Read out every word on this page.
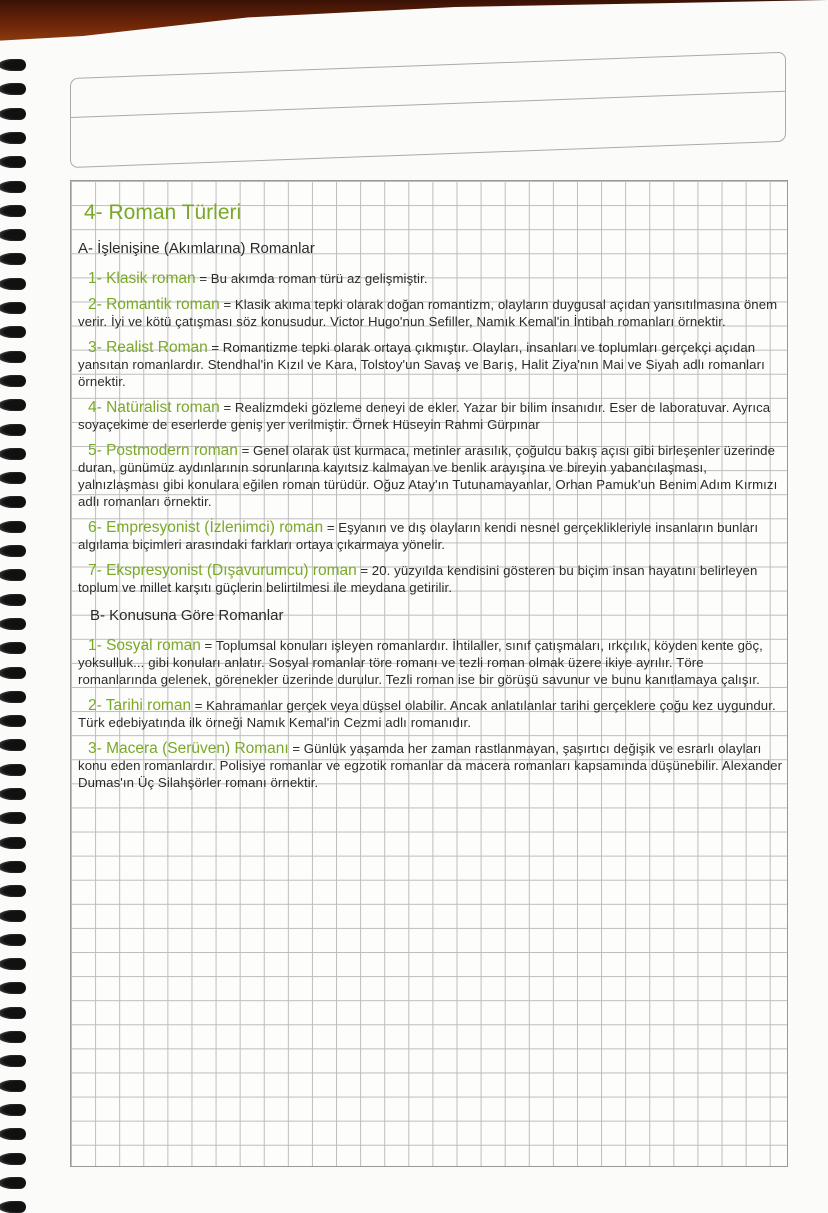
4- Roman Türleri
A- İşlenişine (Akımlarına) Romanlar
1- Klasik roman = Bu akımda roman türü az gelişmiştir.
2- Romantik roman = Klasik akıma tepki olarak doğan romantizm, olayların duygusal açıdan yansıtılmasına önem verir. İyi ve kötü çatışması söz konusudur. Victor Hugo'nun Sefiller, Namık Kemal'in İntibah romanları örnektir.
3- Realist Roman = Romantizme tepki olarak ortaya çıkmıştır. Olayları, insanları ve toplumları gerçekçi açıdan yansıtan romanlardır. Stendhal'in Kızıl ve Kara, Tolstoy'un Savaş ve Barış, Halit Ziya'nın Mai ve Siyah adlı romanları örnektir.
4- Natüralist roman = Realizmdeki gözleme deneyi de ekler. Yazar bir bilim insanıdır. Eser de laboratuvar. Ayrıca soyaçekime de eserlerde geniş yer verilmiştir. Örnek Hüseyin Rahmi Gürpınar
5- Postmodern roman = Genel olarak üst kurmaca, metinler arasılık, çoğulcu bakış açısı gibi birleşenler üzerinde duran, günümüz aydınlarının sorunlarına kayıtsız kalmayan ve benlik arayışına ve bireyin yabancılaşması, yalnızlaşması gibi konulara eğilen roman türüdür. Oğuz Atay'ın Tutunamayanlar, Orhan Pamuk'un Benim Adım Kırmızı adlı romanları örnektir.
6- Empresyonist (İzlenimci) roman = Eşyanın ve dış olayların kendi nesnel gerçeklikleriyle insanların bunları algılama biçimleri arasındaki farkları ortaya çıkarmaya yönelir.
7- Ekspresyonist (Dışavurumcu) roman = 20. yüzyılda kendisini gösteren bu biçim insan hayatını belirleyen toplum ve millet karşıtı güçlerin belirtilmesi ile meydana getirilir.
B- Konusuna Göre Romanlar
1- Sosyal roman = Toplumsal konuları işleyen romanlardır. İhtilaller, sınıf çatışmaları, ırkçılık, köyden kente göç, yoksulluk... gibi konuları anlatır. Sosyal romanlar töre romanı ve tezli roman olmak üzere ikiye ayrılır. Töre romanlarında gelenek, görenekler üzerinde durulur. Tezli roman ise bir görüşü savunur ve bunu kanıtlamaya çalışır.
2- Tarihi roman = Kahramanlar gerçek veya düşsel olabilir. Ancak anlatılanlar tarihi gerçeklere çoğu kez uygundur. Türk edebiyatında ilk örneği Namık Kemal'in Cezmi adlı romanıdır.
3- Macera (Serüven) Romanı = Günlük yaşamda her zaman rastlanmayan, şaşırtıcı değişik ve esrarlı olayları konu eden romanlardır. Polisiye romanlar ve egzotik romanlar da macera romanları kapsamında düşünebilir. Alexander Dumas'ın Üç Silahşörler romanı örnektir.
